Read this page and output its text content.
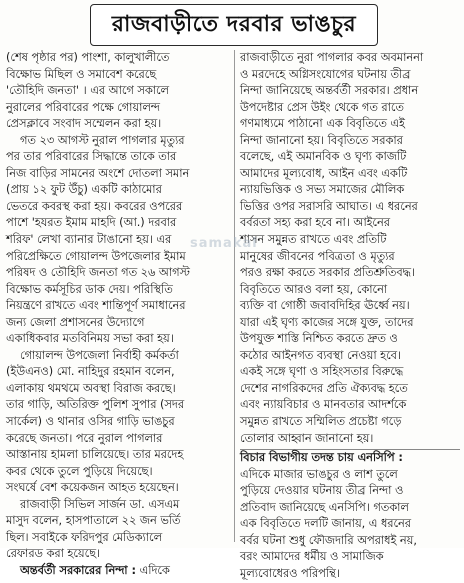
রাজবাড়ীতে দরবার ভাঙচুর
(শেষ পৃষ্ঠার পর) পাংশা, কালুখালীতে
বিক্ষোভ মিছিল ও সমাবেশ করেছে
'তৌহিদি জনতা' । এর আগে সকালে
নুরালের পরিবারের পক্ষে গোয়ালন্দ
প্রেসক্লাবে সংবাদ সম্মেলন করা হয়।
গত ২৩ আগস্ট নুরাল পাগলার মৃত্যুর
পর তার পরিবারের সিদ্ধান্তে তাকে তার
নিজ বাড়ির সামনের অংশে দোতলা সমান
(প্রায় ১২ ফুট উঁচু) একটি কাঠামোর
ভেতরে কবরস্থ করা হয়। কবরের ওপরের
পাশে 'হযরত ইমাম মাহদি (আ.) দরবার
শরিফ' লেখা ব্যানার টাঙানো হয়। এর
পরিপ্রেক্ষিতে গোয়ালন্দ উপজেলার ইমাম
পরিষদ ও তৌহিদি জনতা গত ২৬ আগস্ট
বিক্ষোভ কর্মসূচির ডাক দেয়। পরিস্থিতি
নিয়ন্ত্রণে রাখতে এবং শান্তিপূর্ণ সমাধানের
জন্য জেলা প্রশাসনের উদ্যোগে
একাধিকবার মতবিনিময় সভা করা হয়।
গোয়ালন্দ উপজেলা নির্বাহী কর্মকর্তা
(ইউএনও) মো. নাহিদুর রহমান বলেন,
এলাকায় থমথমে অবস্থা বিরাজ করছে।
তার গাড়ি, অতিরিক্ত পুলিশ সুপার (সদর
সার্কেল) ও থানার ওসির গাড়ি ভাঙচুর
করেছে জনতা। পরে নুরাল পাগলার
আস্তানায় হামলা চালিয়েছে। তার মরদেহ
কবর থেকে তুলে পুড়িয়ে দিয়েছে।
সংঘর্ষে বেশ কয়েকজন আহত হয়েছেন।
রাজবাড়ী সিভিল সার্জন ডা. এসএম
মাসুদ বলেন, হাসপাতালে ২২ জন ভর্তি
ছিল। সবাইকে ফরিদপুর মেডিক্যালে
রেফারড করা হয়েছে।
অন্তর্বর্তী সরকারের নিন্দা : এদিকে
রাজবাড়ীতে নুরা পাগলার কবর অবমাননা
ও মরদেহে অগ্নিসংযোগের ঘটনায় তীব্র
নিন্দা জানিয়েছে অন্তর্বর্তী সরকার। প্রধান
উপদেষ্টার প্রেস উইং থেকে গত রাতে
গণমাধ্যমে পাঠানো এক বিবৃতিতে এই
নিন্দা জানানো হয়। বিবৃতিতে সরকার
বলেছে, এই অমানবিক ও ঘৃণ্য কাজটি
আমাদের মূল্যবোধ, আইন এবং একটি
ন্যায়ভিত্তিক ও সভ্য সমাজের মৌলিক
ভিত্তির ওপর সরাসরি আঘাত। এ ধরনের
বর্বরতা সহ্য করা হবে না। আইনের
শাসন সমুন্নত রাখতে এবং প্রতিটি
মানুষের জীবনের পবিত্রতা ও মৃত্যুর
পরও রক্ষা করতে সরকার প্রতিশ্রুতিবদ্ধ।
বিবৃতিতে আরও বলা হয়, কোনো
ব্যক্তি বা গোষ্ঠী জবাবদিহির ঊর্ধ্বে নয়।
যারা এই ঘৃণ্য কাজের সঙ্গে যুক্ত, তাদের
উপযুক্ত শাস্তি নিশ্চিত করতে দ্রুত ও
কঠোর আইনগত ব্যবস্থা নেওয়া হবে।
একই সঙ্গে ঘৃণা ও সহিংসতার বিরুদ্ধে
দেশের নাগরিকদের প্রতি ঐক্যবদ্ধ হতে
এবং ন্যায়বিচার ও মানবতার আদর্শকে
সমুন্নত রাখতে সম্মিলিত প্রচেষ্টা গড়ে
তোলার আহ্বান জানানো হয়।
বিচার বিভাগীয় তদন্ত চায় এনসিপি :
এদিকে মাজার ভাঙচুর ও লাশ তুলে
পুড়িয়ে দেওয়ার ঘটনায় তীব্র নিন্দা ও
প্রতিবাদ জানিয়েছে এনসিপি। গতকাল
এক বিবৃতিতে দলটি জানায়, এ ধরনের
বর্বর ঘটনা শুধু ফৌজদারি অপরাধই নয়,
বরং আমাদের ধর্মীয় ও সামাজিক
মূল্যবোধেরও পরিপন্থি।
samakal
